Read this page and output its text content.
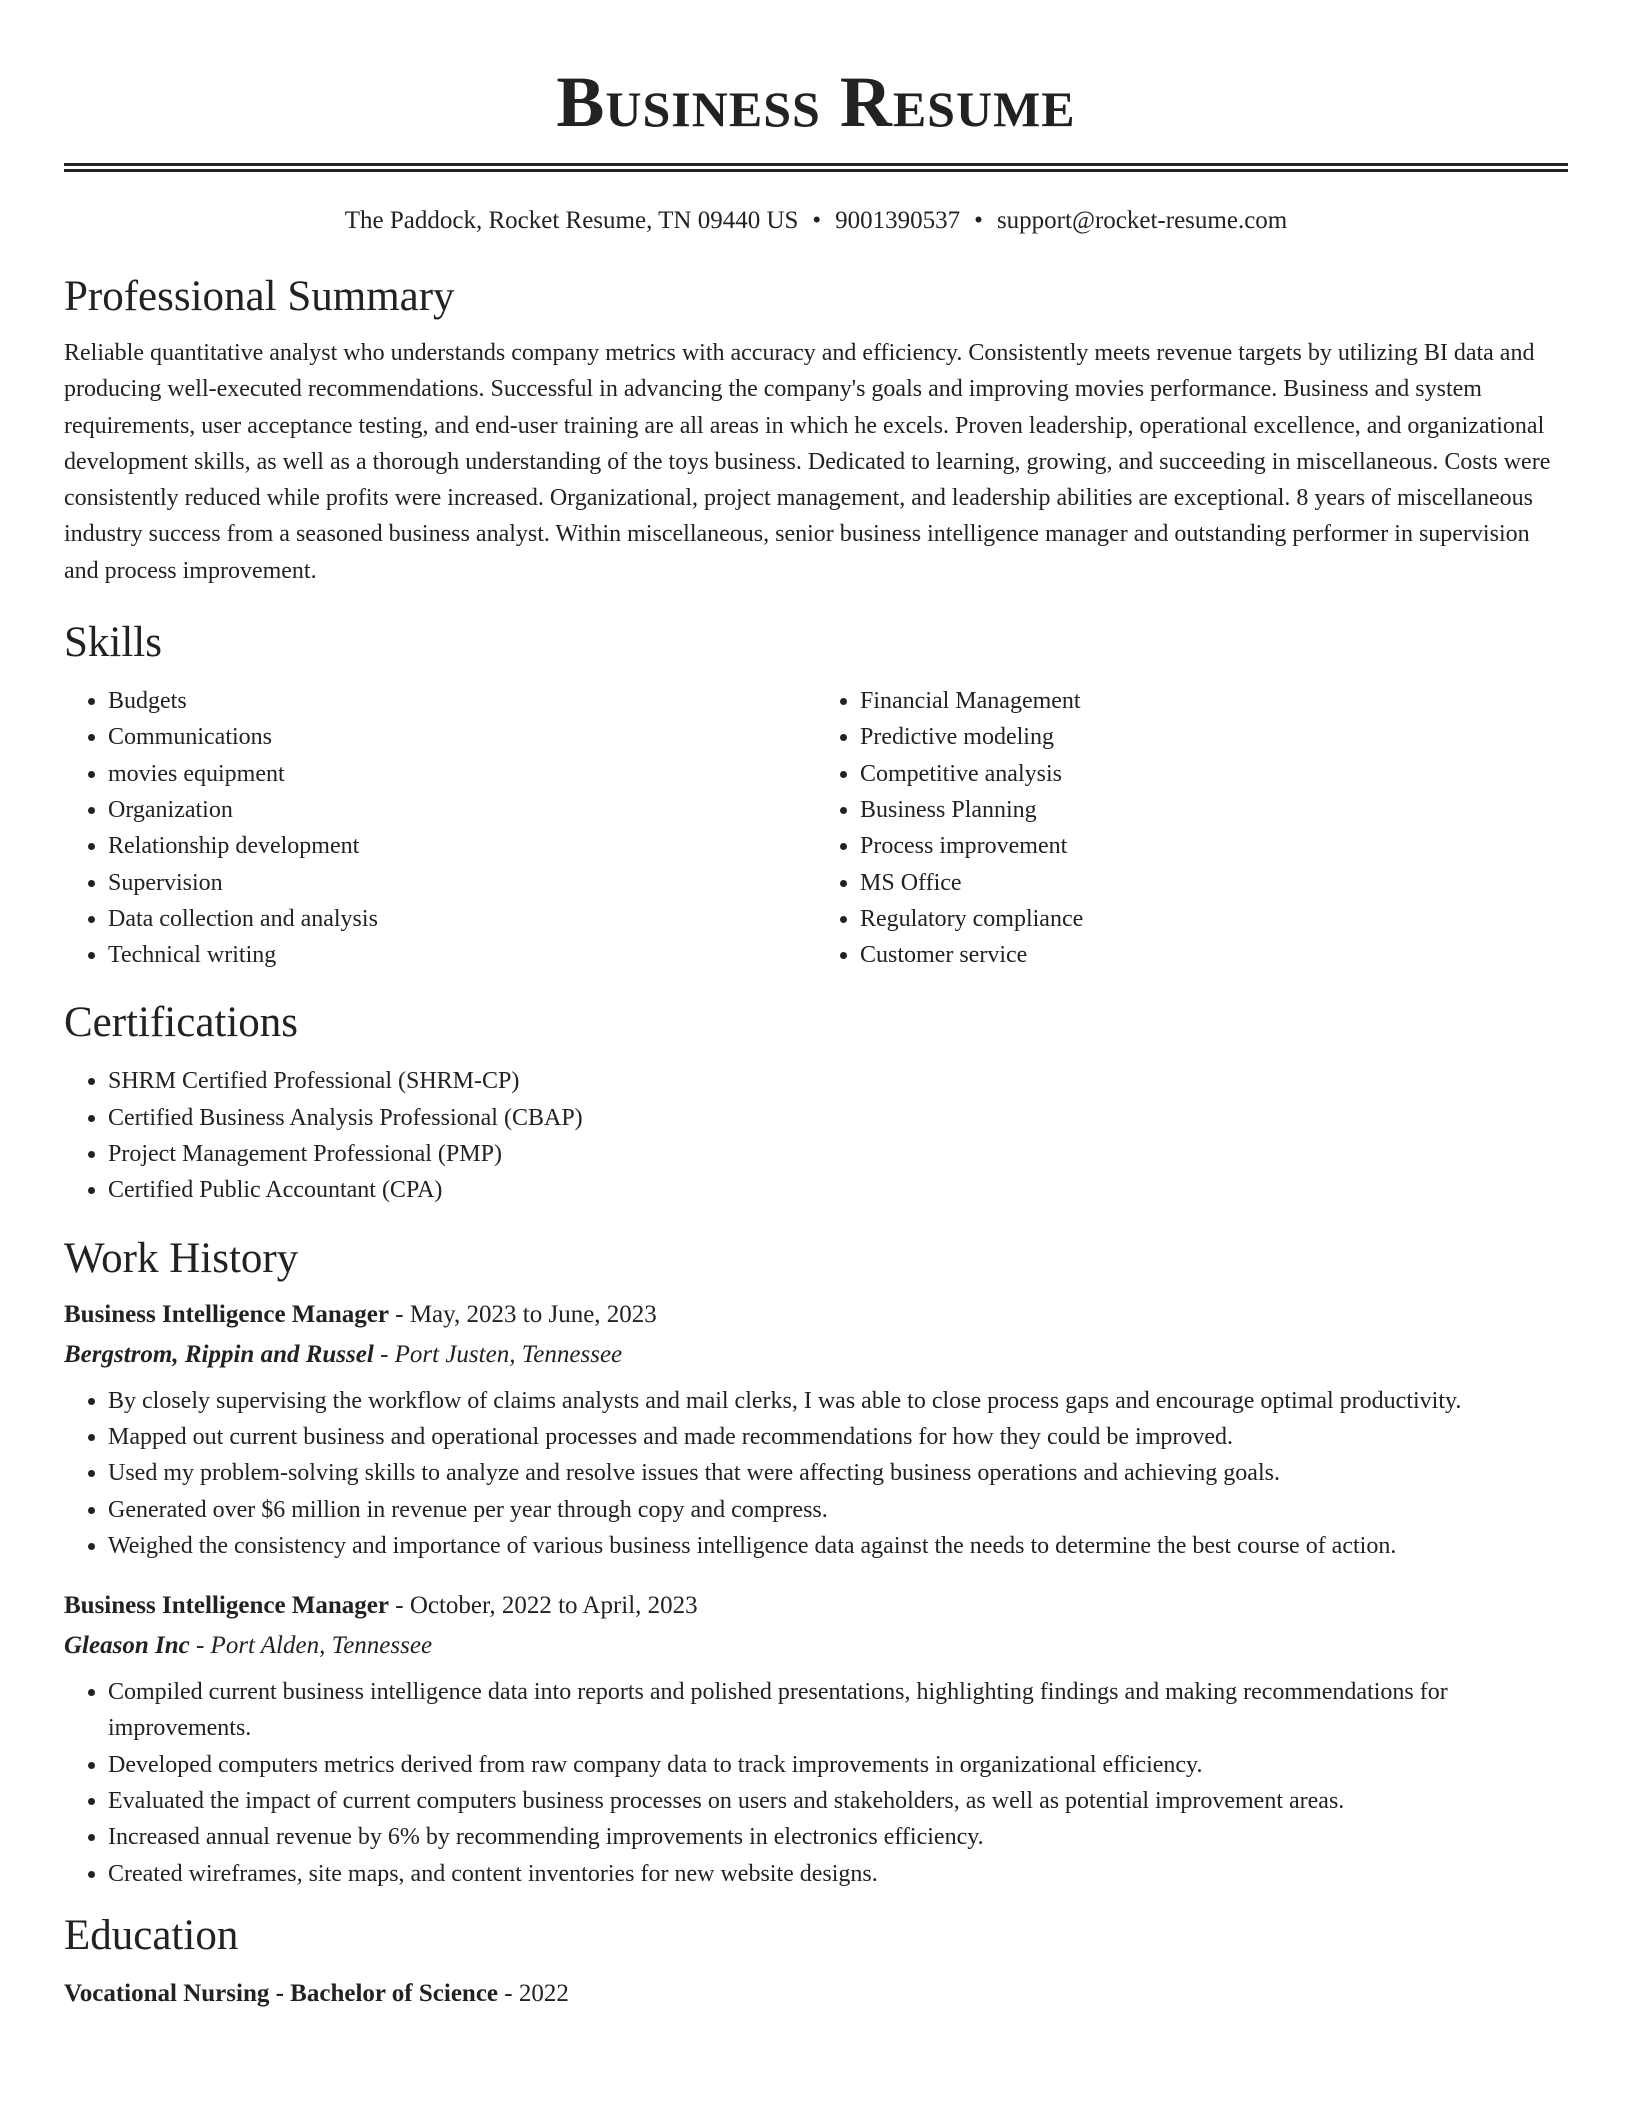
Business Resume
The Paddock, Rocket Resume, TN 09440 US • 9001390537 • support@rocket-resume.com
Professional Summary

Reliable quantitative analyst who understands company metrics with accuracy and efficiency. Consistently meets revenue targets by utilizing BI data and producing well-executed recommendations. Successful in advancing the company's goals and improving movies performance. Business and system requirements, user acceptance testing, and end-user training are all areas in which he excels. Proven leadership, operational excellence, and organizational development skills, as well as a thorough understanding of the toys business. Dedicated to learning, growing, and succeeding in miscellaneous. Costs were consistently reduced while profits were increased. Organizational, project management, and leadership abilities are exceptional. 8 years of miscellaneous industry success from a seasoned business analyst. Within miscellaneous, senior business intelligence manager and outstanding performer in supervision and process improvement.

Skills
• Budgets
• Communications
• movies equipment
• Organization
• Relationship development
• Supervision
• Data collection and analysis
• Technical writing
• Financial Management
• Predictive modeling
• Competitive analysis
• Business Planning
• Process improvement
• MS Office
• Regulatory compliance
• Customer service
Certifications
• SHRM Certified Professional (SHRM-CP)
• Certified Business Analysis Professional (CBAP)
• Project Management Professional (PMP)
• Certified Public Accountant (CPA)
Work History
Business Intelligence Manager - May, 2023 to June, 2023
Bergstrom, Rippin and Russel - Port Justen, Tennessee
• By closely supervising the workflow of claims analysts and mail clerks, I was able to close process gaps and encourage optimal productivity.
• Mapped out current business and operational processes and made recommendations for how they could be improved.
• Used my problem-solving skills to analyze and resolve issues that were affecting business operations and achieving goals.
• Generated over $6 million in revenue per year through copy and compress.
• Weighed the consistency and importance of various business intelligence data against the needs to determine the best course of action.
Business Intelligence Manager - October, 2022 to April, 2023
Gleason Inc - Port Alden, Tennessee
• Compiled current business intelligence data into reports and polished presentations, highlighting findings and making recommendations for improvements.
• Developed computers metrics derived from raw company data to track improvements in organizational efficiency.
• Evaluated the impact of current computers business processes on users and stakeholders, as well as potential improvement areas.
• Increased annual revenue by 6% by recommending improvements in electronics efficiency.
• Created wireframes, site maps, and content inventories for new website designs.
Education
Vocational Nursing - Bachelor of Science - 2022
